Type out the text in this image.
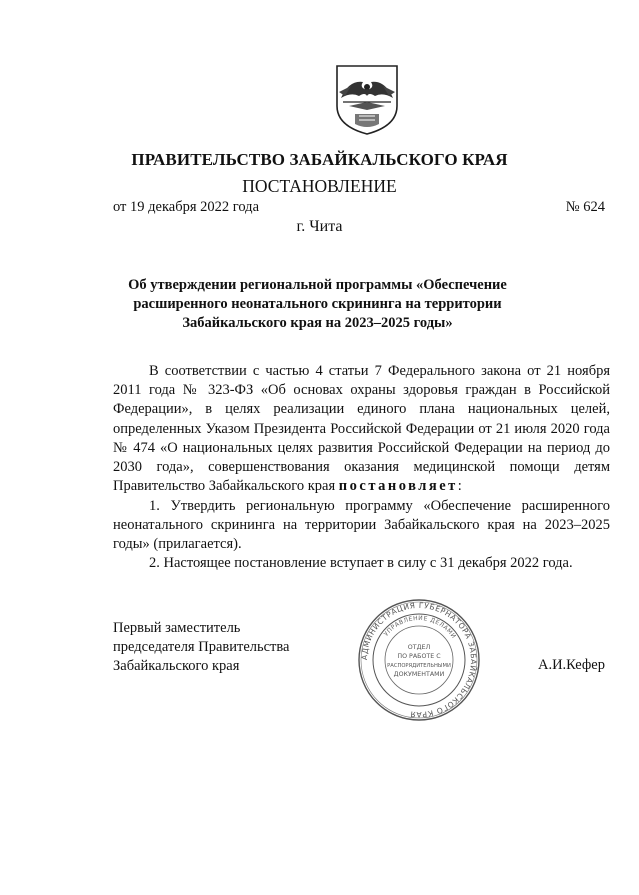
ПРАВИТЕЛЬСТВО ЗАБАЙКАЛЬСКОГО КРАЯ
ПОСТАНОВЛЕНИЕ
от 19 декабря 2022 года	№ 624
г. Чита
Об утверждении региональной программы «Обеспечение расширенного неонатального скрининга на территории Забайкальского края на 2023–2025 годы»

В соответствии с частью 4 статьи 7 Федерального закона от 21 ноября 2011 года № 323-ФЗ «Об основах охраны здоровья граждан в Российской Федерации», в целях реализации единого плана национальных целей, определенных Указом Президента Российской Федерации от 21 июля 2020 года № 474 «О национальных целях развития Российской Федерации на период до 2030 года», совершенствования оказания медицинской помощи детям Правительство Забайкальского края постановляет:

1. Утвердить региональную программу «Обеспечение расширенного неонатального скрининга на территории Забайкальского края на 2023–2025 годы» (прилагается).

2. Настоящее постановление вступает в силу с 31 декабря 2022 года.

Первый заместитель
председателя Правительства
Забайкальского края	А.И.Кефер
АДМИНИСТРАЦИЯ ГУБЕРНАТОРА ЗАБАЙКАЛЬСКОГО КРАЯ
УПРАВЛЕНИЕ ДЕЛАМИ
ОТДЕЛ
ПО РАБОТЕ С
РАСПОРЯДИТЕЛЬНЫМИ
ДОКУМЕНТАМИ
